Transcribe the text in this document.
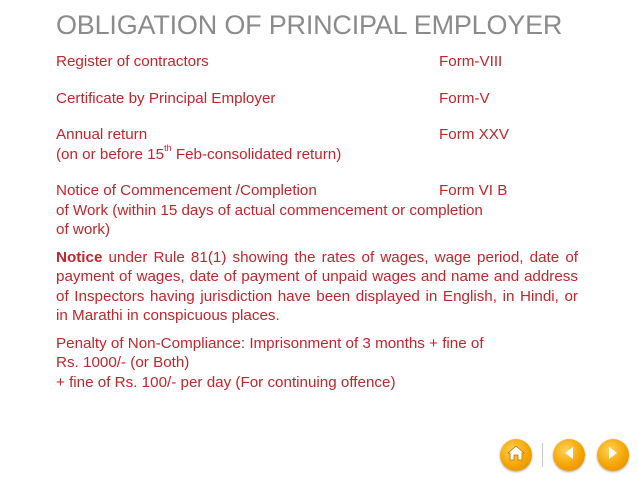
OBLIGATION OF PRINCIPAL EMPLOYER
Register of contractors	Form-VIII
Certificate by Principal Employer	Form-V
Annual return	Form XXV
(on or before 15th Feb-consolidated return)
Notice of Commencement /Completion	Form VI B
of Work (within 15 days of actual commencement or completion
of work)
Notice under Rule 81(1) showing the rates of wages, wage period, date of payment of wages, date of payment of unpaid wages and name and address of Inspectors having jurisdiction have been displayed in English, in Hindi, or in Marathi in conspicuous places.
Penalty of Non-Compliance: Imprisonment of 3 months + fine of
Rs. 1000/- (or Both)
+ fine of Rs. 100/- per day (For continuing offence)
